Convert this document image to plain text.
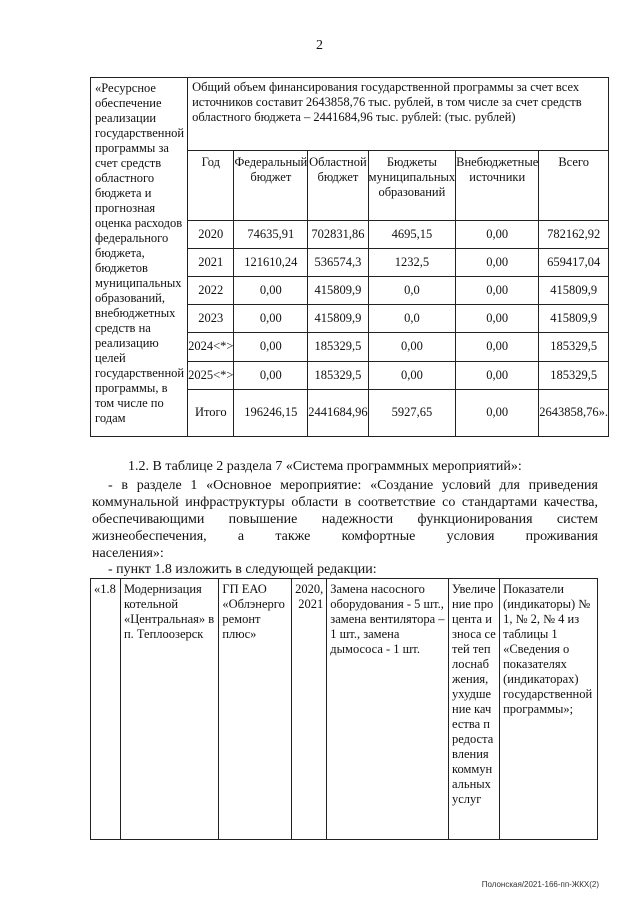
2
«Ресурсное обеспечение реализации государственной программы за счет средств областного бюджета и прогнозная оценка расходов федерального бюджета, бюджетов муниципальных образований, внебюджетных средств на реализацию целей государственной программы, в том числе по годам	Общий объем финансирования государственной программы за счет всех источников составит 2643858,76 тыс. рублей, в том числе за счет средств областного бюджета – 2441684,96 тыс. рублей: (тыс. рублей)					
	Год	Федеральный бюджет	Областной бюджет	Бюджеты муниципальных образований	Внебюджетные источники	Всего
	2020	74635,91	702831,86	4695,15	0,00	782162,92
	2021	121610,24	536574,3	1232,5	0,00	659417,04
	2022	0,00	415809,9	0,0	0,00	415809,9
	2023	0,00	415809,9	0,0	0,00	415809,9
	2024<*>	0,00	185329,5	0,00	0,00	185329,5
	2025<*>	0,00	185329,5	0,00	0,00	185329,5
	Итого	196246,15	2441684,96	5927,65	0,00	2643858,76».
1.2. В таблице 2 раздела 7 «Система программных мероприятий»:
- в разделе 1 «Основное мероприятие: «Создание условий для приведения коммунальной инфраструктуры области в соответствие со стандартами качества, обеспечивающими повышение надежности функционирования систем жизнеобеспечения, а также комфортные условия проживания
населения»:
- пункт 1.8 изложить в следующей редакции:
«1.8	Модернизация котельной «Центральная» в п. Теплоозерск	ГП ЕАО «Облэнерго ремонт плюс»	2020, 2021	Замена насосного оборудования - 5 шт., замена вентилятора – 1 шт., замена дымососа - 1 шт.	Увеличение процента износа сетей теплоснабжения, ухудшение качества предоставления коммунальных услуг	Показатели (индикаторы) № 1, № 2, № 4 из таблицы 1 «Сведения о показателях (индикаторах) государственной программы»;
Полонская/2021-166-пп-ЖКХ(2)
